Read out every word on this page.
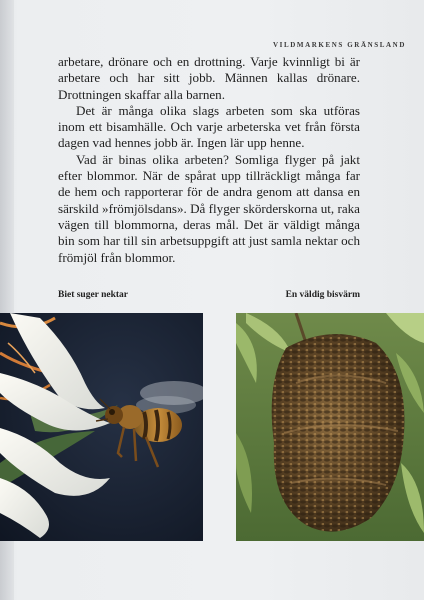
VILDMARKENS GRÄNSLAND

arbetare, drönare och en drottning. Varje kvinnligt bi är arbetare och har sitt jobb. Männen kallas drönare. Drottningen skaffar alla barnen.

Det är många olika slags arbeten som ska utföras inom ett bisamhälle. Och varje arbeterska vet från första dagen vad hennes jobb är. Ingen lär upp henne.

Vad är binas olika arbeten? Somliga flyger på jakt efter blommor. När de spårat upp tillräckligt många far de hem och rapporterar för de andra genom att dansa en särskild »frömjölsdans». Då flyger skörderskorna ut, raka vägen till blommorna, deras mål. Det är väldigt många bin som har till sin arbetsuppgift att just samla nektar och frömjöl från blommor.

Biet suger nektar	En väldig bisvärm
